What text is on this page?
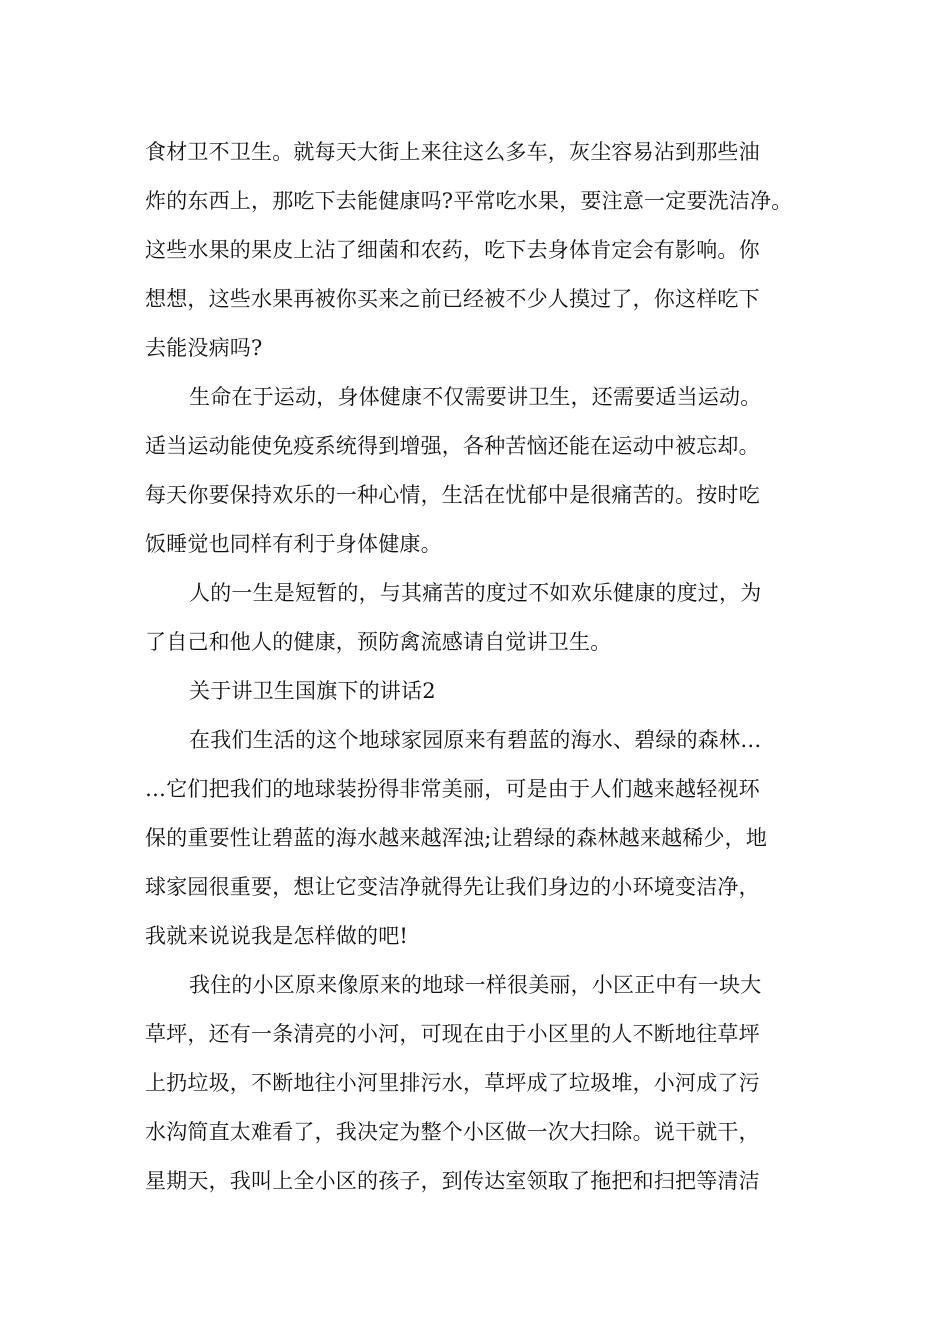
食材卫不卫生。就每天大街上来往这么多车，灰尘容易沾到那些油
炸的东西上，那吃下去能健康吗?平常吃水果，要注意一定要洗洁净。
这些水果的果皮上沾了细菌和农药，吃下去身体肯定会有影响。你
想想，这些水果再被你买来之前已经被不少人摸过了，你这样吃下
去能没病吗?
生命在于运动，身体健康不仅需要讲卫生，还需要适当运动。
适当运动能使免疫系统得到增强，各种苦恼还能在运动中被忘却。
每天你要保持欢乐的一种心情，生活在忧郁中是很痛苦的。按时吃
饭睡觉也同样有利于身体健康。
人的一生是短暂的，与其痛苦的度过不如欢乐健康的度过，为
了自己和他人的健康，预防禽流感请自觉讲卫生。
关于讲卫生国旗下的讲话2
在我们生活的这个地球家园原来有碧蓝的海水、碧绿的森林…
…它们把我们的地球装扮得非常美丽，可是由于人们越来越轻视环
保的重要性让碧蓝的海水越来越浑浊;让碧绿的森林越来越稀少，地
球家园很重要，想让它变洁净就得先让我们身边的小环境变洁净，
我就来说说我是怎样做的吧!
我住的小区原来像原来的地球一样很美丽，小区正中有一块大
草坪，还有一条清亮的小河，可现在由于小区里的人不断地往草坪
上扔垃圾，不断地往小河里排污水，草坪成了垃圾堆，小河成了污
水沟简直太难看了，我决定为整个小区做一次大扫除。说干就干，
星期天，我叫上全小区的孩子，到传达室领取了拖把和扫把等清洁
